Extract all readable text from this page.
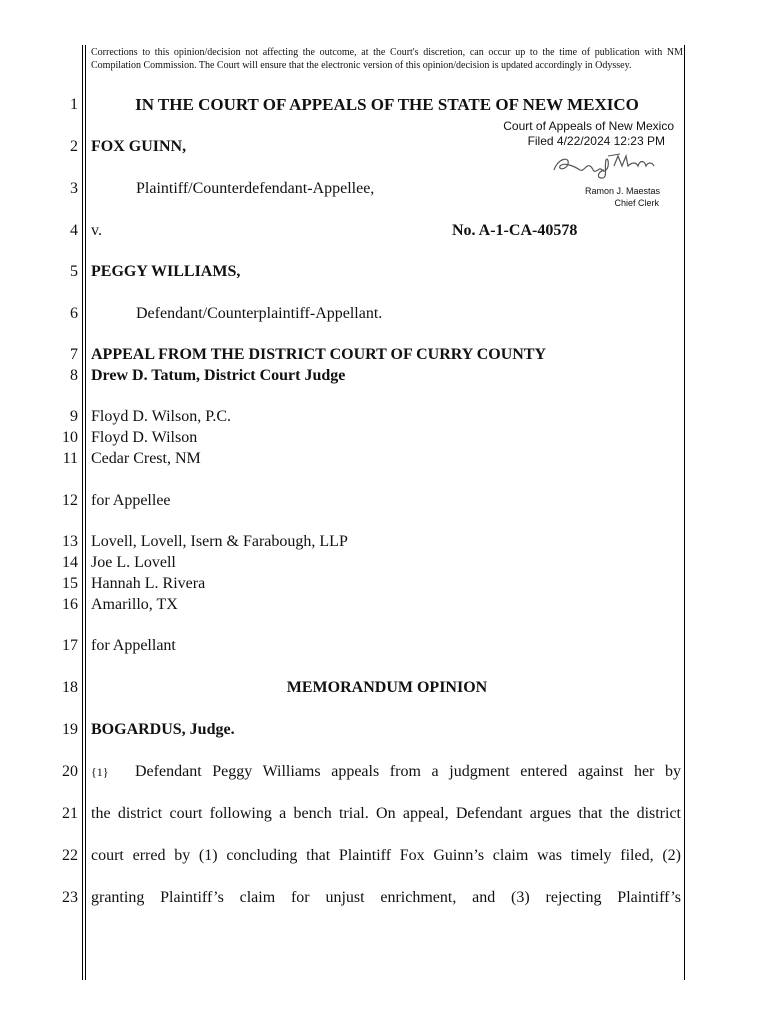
Corrections to this opinion/decision not affecting the outcome, at the Court's discretion, can occur up to the time of publication with NM Compilation Commission. The Court will ensure that the electronic version of this opinion/decision is updated accordingly in Odyssey.

1
2
3
4
5
6
7
8
9
10
11
12
13
14
15
16
17
18
19
20
21
22
23
IN THE COURT OF APPEALS OF THE STATE OF NEW MEXICO
Court of Appeals of New Mexico
Filed 4/22/2024 12:23 PM
Ramon J. Maestas
Chief Clerk

FOX GUINN,

Plaintiff/Counterdefendant-Appellee,

v.	No. A-1-CA-40578

PEGGY WILLIAMS,

Defendant/Counterplaintiff-Appellant.

APPEAL FROM THE DISTRICT COURT OF CURRY COUNTY

Drew D. Tatum, District Court Judge

Floyd D. Wilson, P.C.

Floyd D. Wilson

Cedar Crest, NM

for Appellee

Lovell, Lovell, Isern & Farabough, LLP

Joe L. Lovell

Hannah L. Rivera

Amarillo, TX

for Appellant

MEMORANDUM OPINION

BOGARDUS, Judge.

{1} Defendant Peggy Williams appeals from a judgment entered against her by

the district court following a bench trial. On appeal, Defendant argues that the district

court erred by (1) concluding that Plaintiff Fox Guinn’s claim was timely filed, (2)

granting Plaintiff’s claim for unjust enrichment, and (3) rejecting Plaintiff’s
